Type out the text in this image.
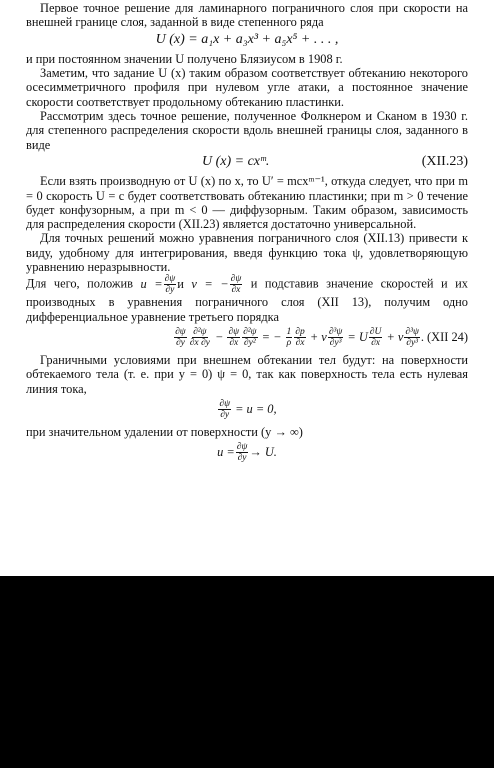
Первое точное решение для ламинарного пограничного слоя при скорости на внешней границе слоя, заданной в виде степенного ряда

U (x) = a₁x + a₃x³ + a₅x⁵ + . . . ,

и при постоянном значении U получено Блязиусом в 1908 г.

Заметим, что задание U (x) таким образом соответствует обтеканию некоторого осесимметричного профиля при нулевом угле атаки, а постоянное значение скорости соответствует продольному обтеканию пластинки.

Рассмотрим здесь точное решение, полученное Фолкнером и Сканом в 1930 г. для степенного распределения скорости вдоль внешней границы слоя, заданного в виде

U (x) = cxᵐ.	(XII.23)

Если взять производную от U (x) по x, то U′ = mcxᵐ⁻¹, откуда следует, что при m = 0 скорость U = c будет соответствовать обтеканию пластинки; при m > 0 течение будет конфузорным, а при m < 0 — диффузорным. Таким образом, зависимость для распределения скорости (XII.23) является достаточно универсальной.

Для точных решений можно уравнения пограничного слоя (XII.13) привести к виду, удобному для интегрирования, введя функцию тока ψ, удовлетворяющую уравнению неразрывности.

Для чего, положив $u = \frac{\partial\psi}{\partial y}$ и v = − $\frac{\partial\psi}{\partial x}$ и подставив значение скоростей и их производных в уравнения пограничного слоя (XII 13), получим одно дифференциальное уравнение третьего порядка

$\frac{\partial\psi}{\partial y} \frac{\text{∂²ψ}}{\partial x \partial y} - \frac{\partial\psi}{\partial x} \frac{\text{∂²ψ}}{\text{∂y²}}$ = − $\frac{1}{\rho} \frac{\partial p}{\partial x} + \nu \frac{\text{∂³ψ}}{\text{∂y³}} = U \frac{\partial U}{\partial x} + \nu \frac{\text{∂³ψ}}{\text{∂y³}}$ . (XII 24)

Граничными условиями при внешнем обтекании тел будут: на поверхности обтекаемого тела (т. е. при y = 0) ψ = 0, так как поверхность тела есть нулевая линия тока,

$\frac{\partial\psi}{\partial y} = u = 0$,

при значительном удалении от поверхности (y → ∞)

$u = \frac{\partial\psi}{\partial y} \to U$.
